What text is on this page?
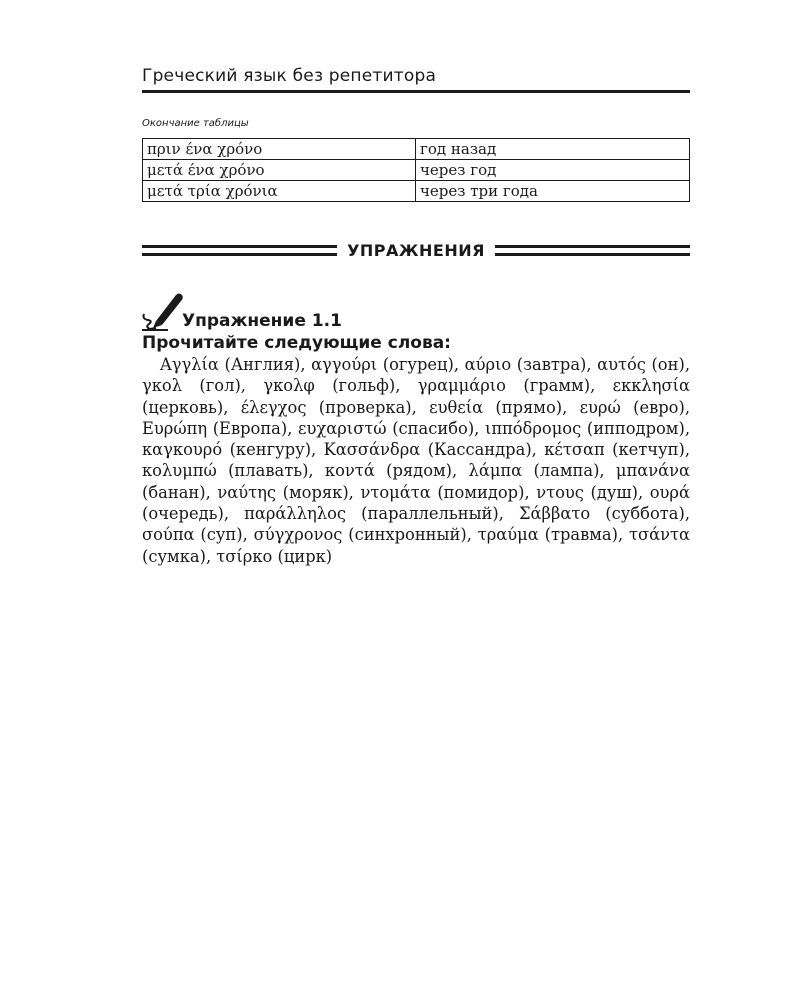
Греческий язык без репетитора
Окончание таблицы
πριν ένα χρόνο	год назад
μετά ένα χρόνο	через год
μετά τρία χρόνια	через три года
УПРАЖНЕНИЯ
Упражнение 1.1
Прочитайте следующие слова:

Αγγλία (Англия), αγγούρι (огурец), αύριο (завтра), αυτός (он), γκολ (гол), γκολφ (гольф), γραμμάριο (грамм), εκκλησία (церковь), έλεγχος (проверка), ευθεία (прямо), ευρώ (евро), Ευρώπη (Европа), ευχαριστώ (спасибо), ιππόδρομος (ипподром), καγκουρό (кенгуру), Κασσάνδρα (Кассандра), κέτσαπ (кетчуп), κολυμπώ (плавать), κοντά (рядом), λάμπα (лампа), μπανάνα (банан), ναύτης (моряк), ντομάτα (помидор), ντους (душ), ουρά (очередь), παράλληλος (параллельный), Σάββατο (суббота), σούπα (суп), σύγχρονος (синхронный), τραύμα (травма), τσάντα (сумка), τσίρκο (цирк)
